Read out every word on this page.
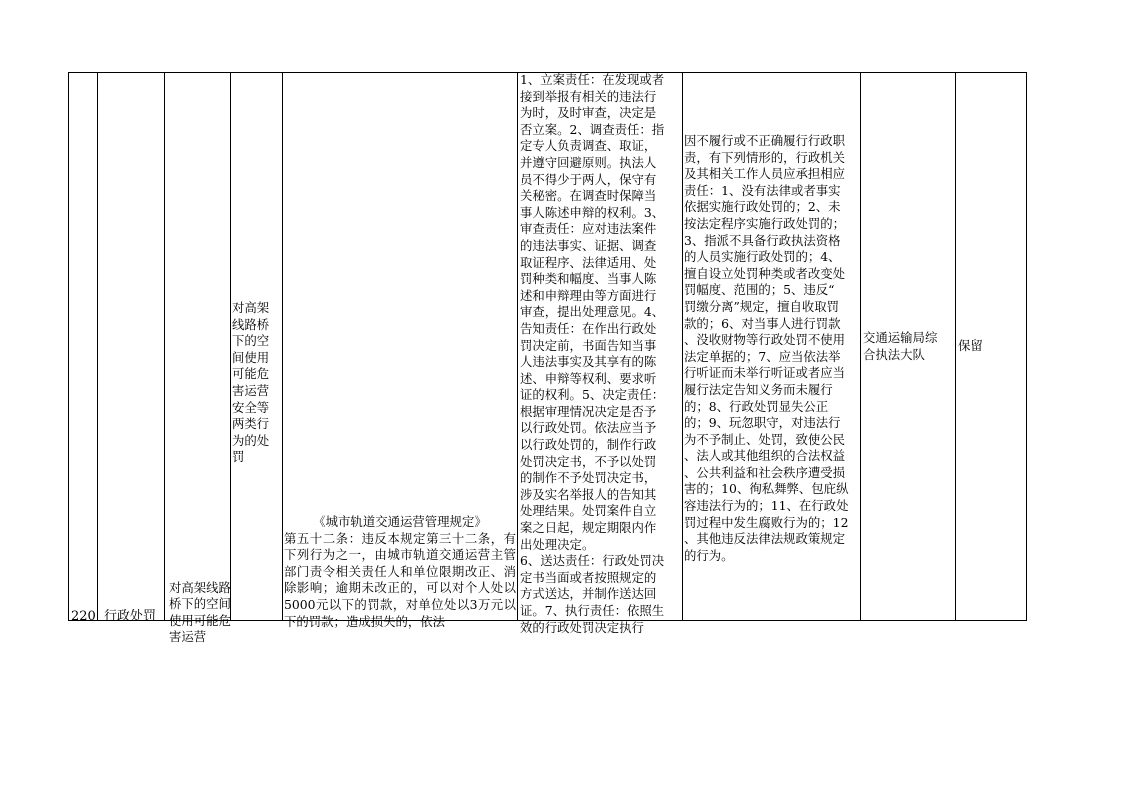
220 行政处罚

对高架线路桥下的空间使用可能危害运营

对高架
线路桥
下的空
间使用
可能危
害运营
安全等
两类行
为的处
罚
《城市轨道交通运营管理规定》

第五十二条：违反本规定第三十二条，有下列行为之一，由城市轨道交通运营主管部门责令相关责任人和单位限期改正、消除影响；逾期未改正的，可以对个人处以5000元以下的罚款，对单位处以3万元以下的罚款；造成损失的，依法

1、立案责任：在发现或者
接到举报有相关的违法行
为时，及时审查，决定是
否立案。2、调查责任：指
定专人负责调查、取证，
并遵守回避原则。执法人
员不得少于两人，保守有
关秘密。在调查时保障当
事人陈述申辩的权利。3、
审查责任：应对违法案件
的违法事实、证据、调查
取证程序、法律适用、处
罚种类和幅度、当事人陈
述和申辩理由等方面进行
审查，提出处理意见。4、
告知责任：在作出行政处
罚决定前，书面告知当事
人违法事实及其享有的陈
述、申辩等权利、要求听
证的权利。5、决定责任：
根据审理情况决定是否予
以行政处罚。依法应当予
以行政处罚的，制作行政
处罚决定书，不予以处罚
的制作不予处罚决定书，
涉及实名举报人的告知其
处理结果。处罚案件自立
案之日起，规定期限内作
出处理决定。
6、送达责任：行政处罚决
定书当面或者按照规定的
方式送达，并制作送达回
证。7、执行责任：依照生
效的行政处罚决定执行
因不履行或不正确履行行政职
责，有下列情形的，行政机关
及其相关工作人员应承担相应
责任：1、没有法律或者事实
依据实施行政处罚的；2、未
按法定程序实施行政处罚的；
3、指派不具备行政执法资格
的人员实施行政处罚的；4、
擅自设立处罚种类或者改变处
罚幅度、范围的；5、违反“
罚缴分离”规定，擅自收取罚
款的；6、对当事人进行罚款
、没收财物等行政处罚不使用
法定单据的；7、应当依法举
行听证而未举行听证或者应当
履行法定告知义务而未履行
的；8、行政处罚显失公正
的；9、玩忽职守，对违法行
为不予制止、处罚，致使公民
、法人或其他组织的合法权益
、公共利益和社会秩序遭受损
害的；10、徇私舞弊、包庇纵
容违法行为的；11、在行政处
罚过程中发生腐败行为的；12
、其他违反法律法规政策规定
的行为。
交通运输局综
合执法大队
保留
